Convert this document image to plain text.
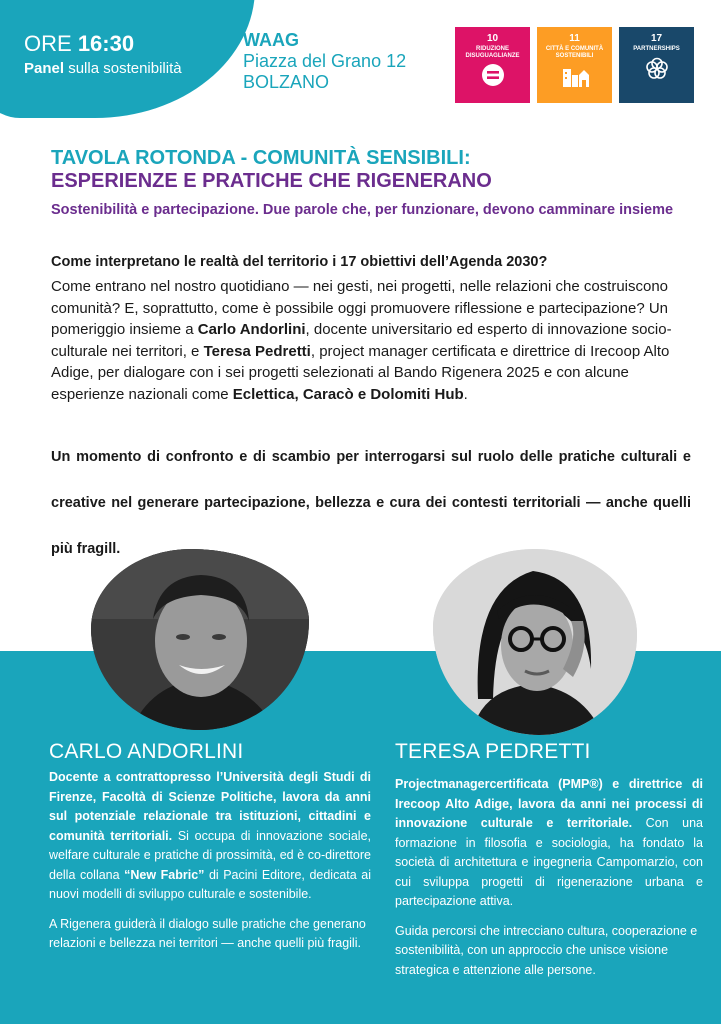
ORE 16:30
Panel sulla sostenibilità
WAAG
Piazza del Grano 12
BOLZANO
10
RIDUZIONE DISUGUAGLIANZE
11
CITTÀ E COMUNITÀ SOSTENIBILI
17
PARTNERSHIPS
TAVOLA ROTONDA - COMUNITÀ SENSIBILI:
ESPERIENZE E PRATICHE CHE RIGENERANO
Sostenibilità e partecipazione. Due parole che, per funzionare, devono camminare insieme
Come interpretano le realtà del territorio i 17 obiettivi dell’Agenda 2030?
Come entrano nel nostro quotidiano — nei gesti, nei progetti, nelle relazioni che costruiscono comunità? E, soprattutto, come è possibile oggi promuovere riflessione e partecipazione? Un pomeriggio insieme a Carlo Andorlini, docente universitario ed esperto di innovazione socio-culturale nei territori, e Teresa Pedretti, project manager certificata e direttrice di Irecoop Alto Adige, per dialogare con i sei progetti selezionati al Bando Rigenera 2025 e con alcune esperienze nazionali come Eclettica, Caracò e Dolomiti Hub.
Un momento di confronto e di scambio per interrogarsi sul ruolo delle pratiche culturali e creative nel generare partecipazione, bellezza e cura dei contesti territoriali — anche quelli più fragill.
CARLO ANDORLINI

Docente a contrattopresso l’Università degli Studi di Firenze, Facoltà di Scienze Politiche, lavora da anni sul potenziale relazionale tra istituzioni, cittadini e comunità territoriali. Si occupa di innovazione sociale, welfare culturale e pratiche di prossimità, ed è co-direttore della collana “New Fabric” di Pacini Editore, dedicata ai nuovi modelli di sviluppo culturale e sostenibile.

A Rigenera guiderà il dialogo sulle pratiche che generano relazioni e bellezza nei territori — anche quelli più fragili.

TERESA PEDRETTI

Projectmanagercertificata (PMP®) e direttrice di Irecoop Alto Adige, lavora da anni nei processi di innovazione culturale e territoriale. Con una formazione in filosofia e sociologia, ha fondato la società di architettura e ingegneria Campomarzio, con cui sviluppa progetti di rigenerazione urbana e partecipazione attiva.

Guida percorsi che intrecciano cultura, cooperazione e sostenibilità, con un approccio che unisce visione strategica e attenzione alle persone.
